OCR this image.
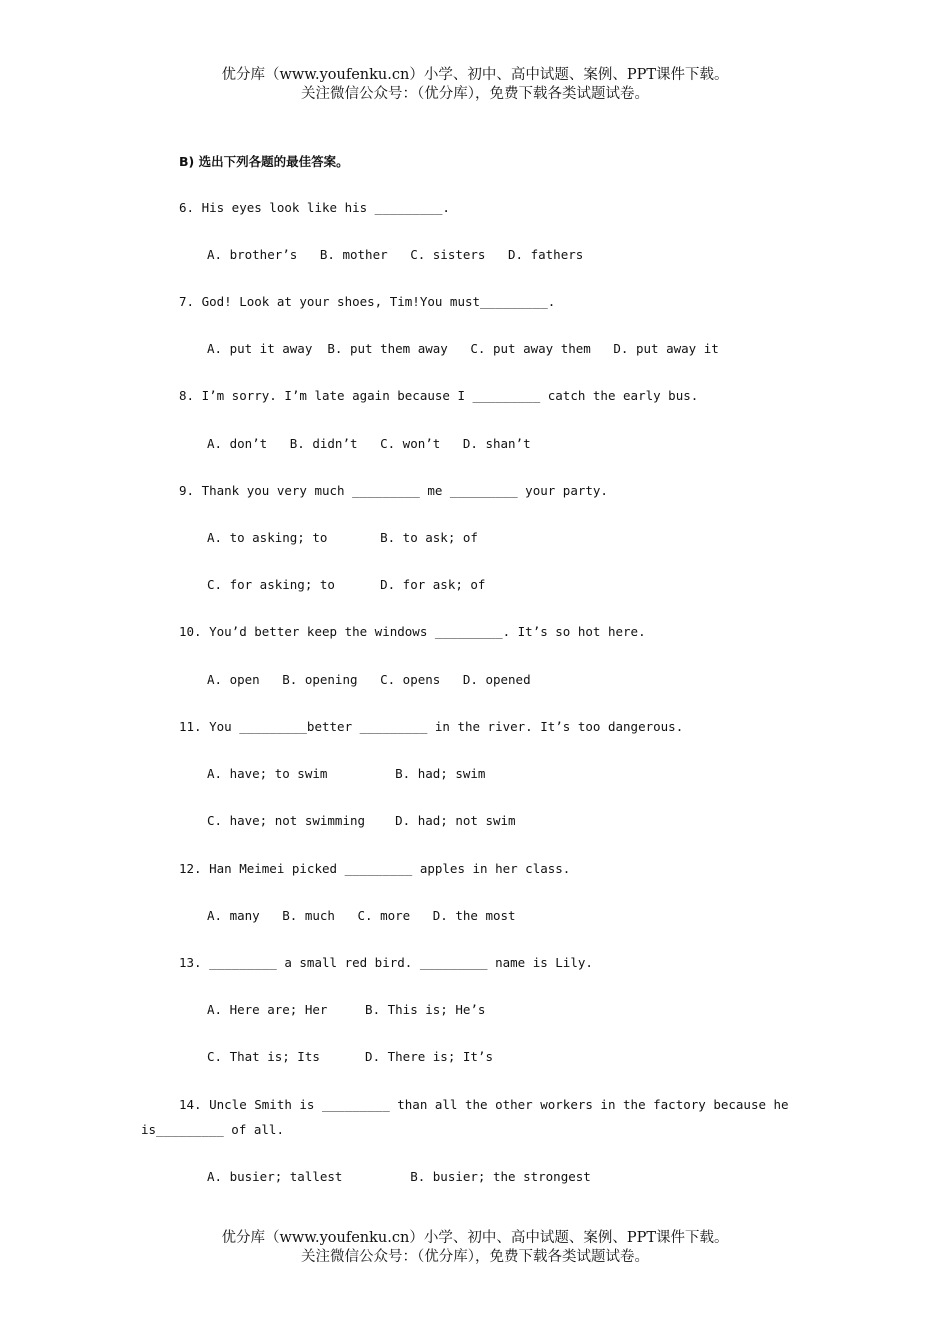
优分库（www.youfenku.cn）小学、初中、高中试题、案例、PPT课件下载。
关注微信公众号：（优分库），免费下载各类试题试卷。
B) 选出下列各题的最佳答案。
6. His eyes look like his _________.
A. brother’s   B. mother   C. sisters   D. fathers
7. God! Look at your shoes, Tim!You must_________.
A. put it away  B. put them away   C. put away them   D. put away it
8. I’m sorry. I’m late again because I _________ catch the early bus.
A. don’t   B. didn’t   C. won’t   D. shan’t
9. Thank you very much _________ me _________ your party.
A. to asking; to       B. to ask; of
C. for asking; to      D. for ask; of
10. You’d better keep the windows _________. It’s so hot here.
A. open   B. opening   C. opens   D. opened
11. You _________better _________ in the river. It’s too dangerous.
A. have; to swim         B. had; swim
C. have; not swimming    D. had; not swim
12. Han Meimei picked _________ apples in her class.
A. many   B. much   C. more   D. the most
13. _________ a small red bird. _________ name is Lily.
A. Here are; Her     B. This is; He’s
C. That is; Its      D. There is; It’s
14. Uncle Smith is _________ than all the other workers in the factory because he
is_________ of all.
A. busier; tallest         B. busier; the strongest
优分库（www.youfenku.cn）小学、初中、高中试题、案例、PPT课件下载。
关注微信公众号：（优分库），免费下载各类试题试卷。
